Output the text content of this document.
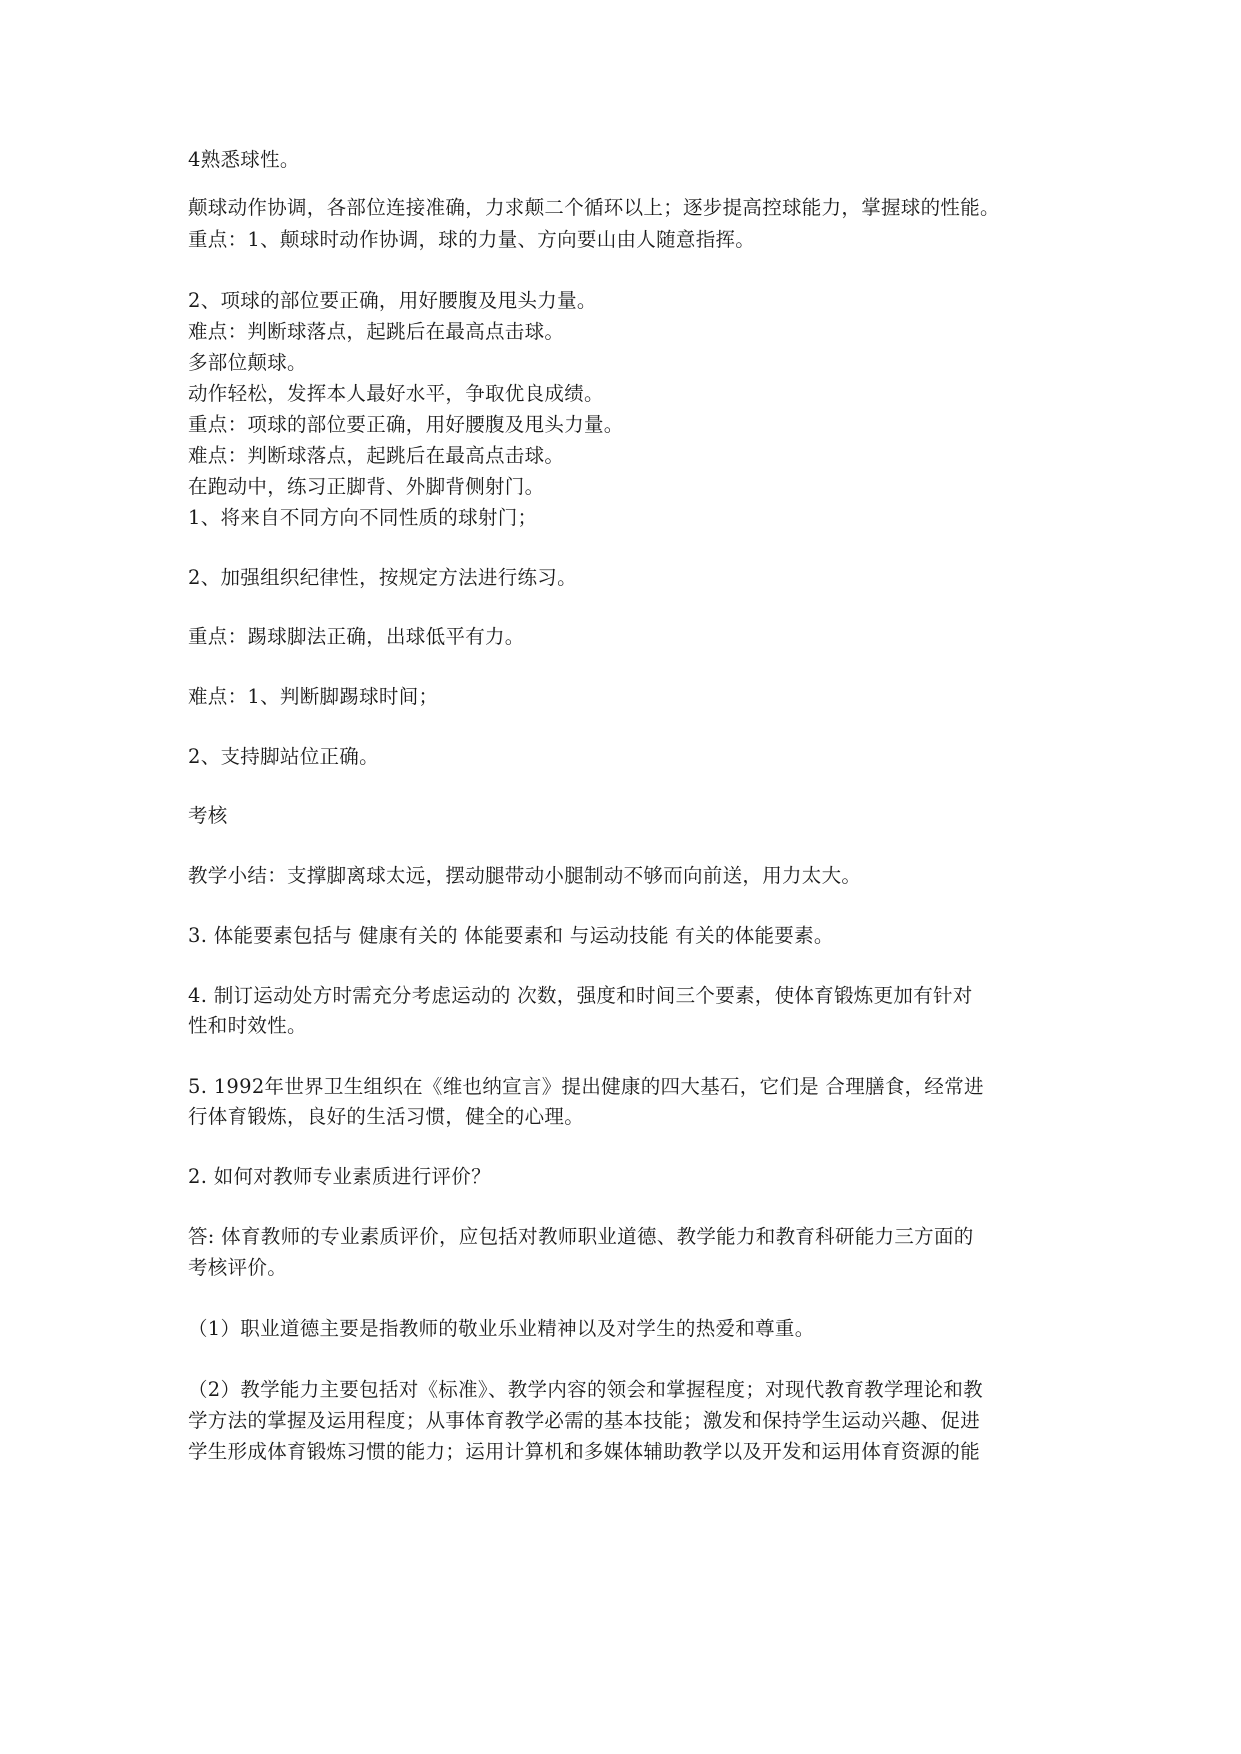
4熟悉球性。
颠球动作协调，各部位连接准确，力求颠二个循环以上；逐步提高控球能力，掌握球的性能。
重点：1、颠球时动作协调，球的力量、方向要山由人随意指挥。
2、项球的部位要正确，用好腰腹及甩头力量。
难点：判断球落点，起跳后在最高点击球。
多部位颠球。
动作轻松，发挥本人最好水平，争取优良成绩。
重点：项球的部位要正确，用好腰腹及甩头力量。
难点：判断球落点，起跳后在最高点击球。
在跑动中，练习正脚背、外脚背侧射门。
1、将来自不同方向不同性质的球射门；
2、加强组织纪律性，按规定方法进行练习。
重点：踢球脚法正确，出球低平有力。
难点：1、判断脚踢球时间；
2、支持脚站位正确。
考核
教学小结：支撑脚离球太远，摆动腿带动小腿制动不够而向前送，用力太大。
3. 体能要素包括与 健康有关的 体能要素和 与运动技能 有关的体能要素。
4. 制订运动处方时需充分考虑运动的 次数，强度和时间三个要素，使体育锻炼更加有针对
性和时效性。
5. 1992年世界卫生组织在《维也纳宣言》提出健康的四大基石，它们是 合理膳食，经常进
行体育锻炼，良好的生活习惯，健全的心理。
2. 如何对教师专业素质进行评价？
答: 体育教师的专业素质评价，应包括对教师职业道德、教学能力和教育科研能力三方面的
考核评价。
（1）职业道德主要是指教师的敬业乐业精神以及对学生的热爱和尊重。
（2）教学能力主要包括对《标准》、教学内容的领会和掌握程度；对现代教育教学理论和教
学方法的掌握及运用程度；从事体育教学必需的基本技能；激发和保持学生运动兴趣、促进
学生形成体育锻炼习惯的能力；运用计算机和多媒体辅助教学以及开发和运用体育资源的能
